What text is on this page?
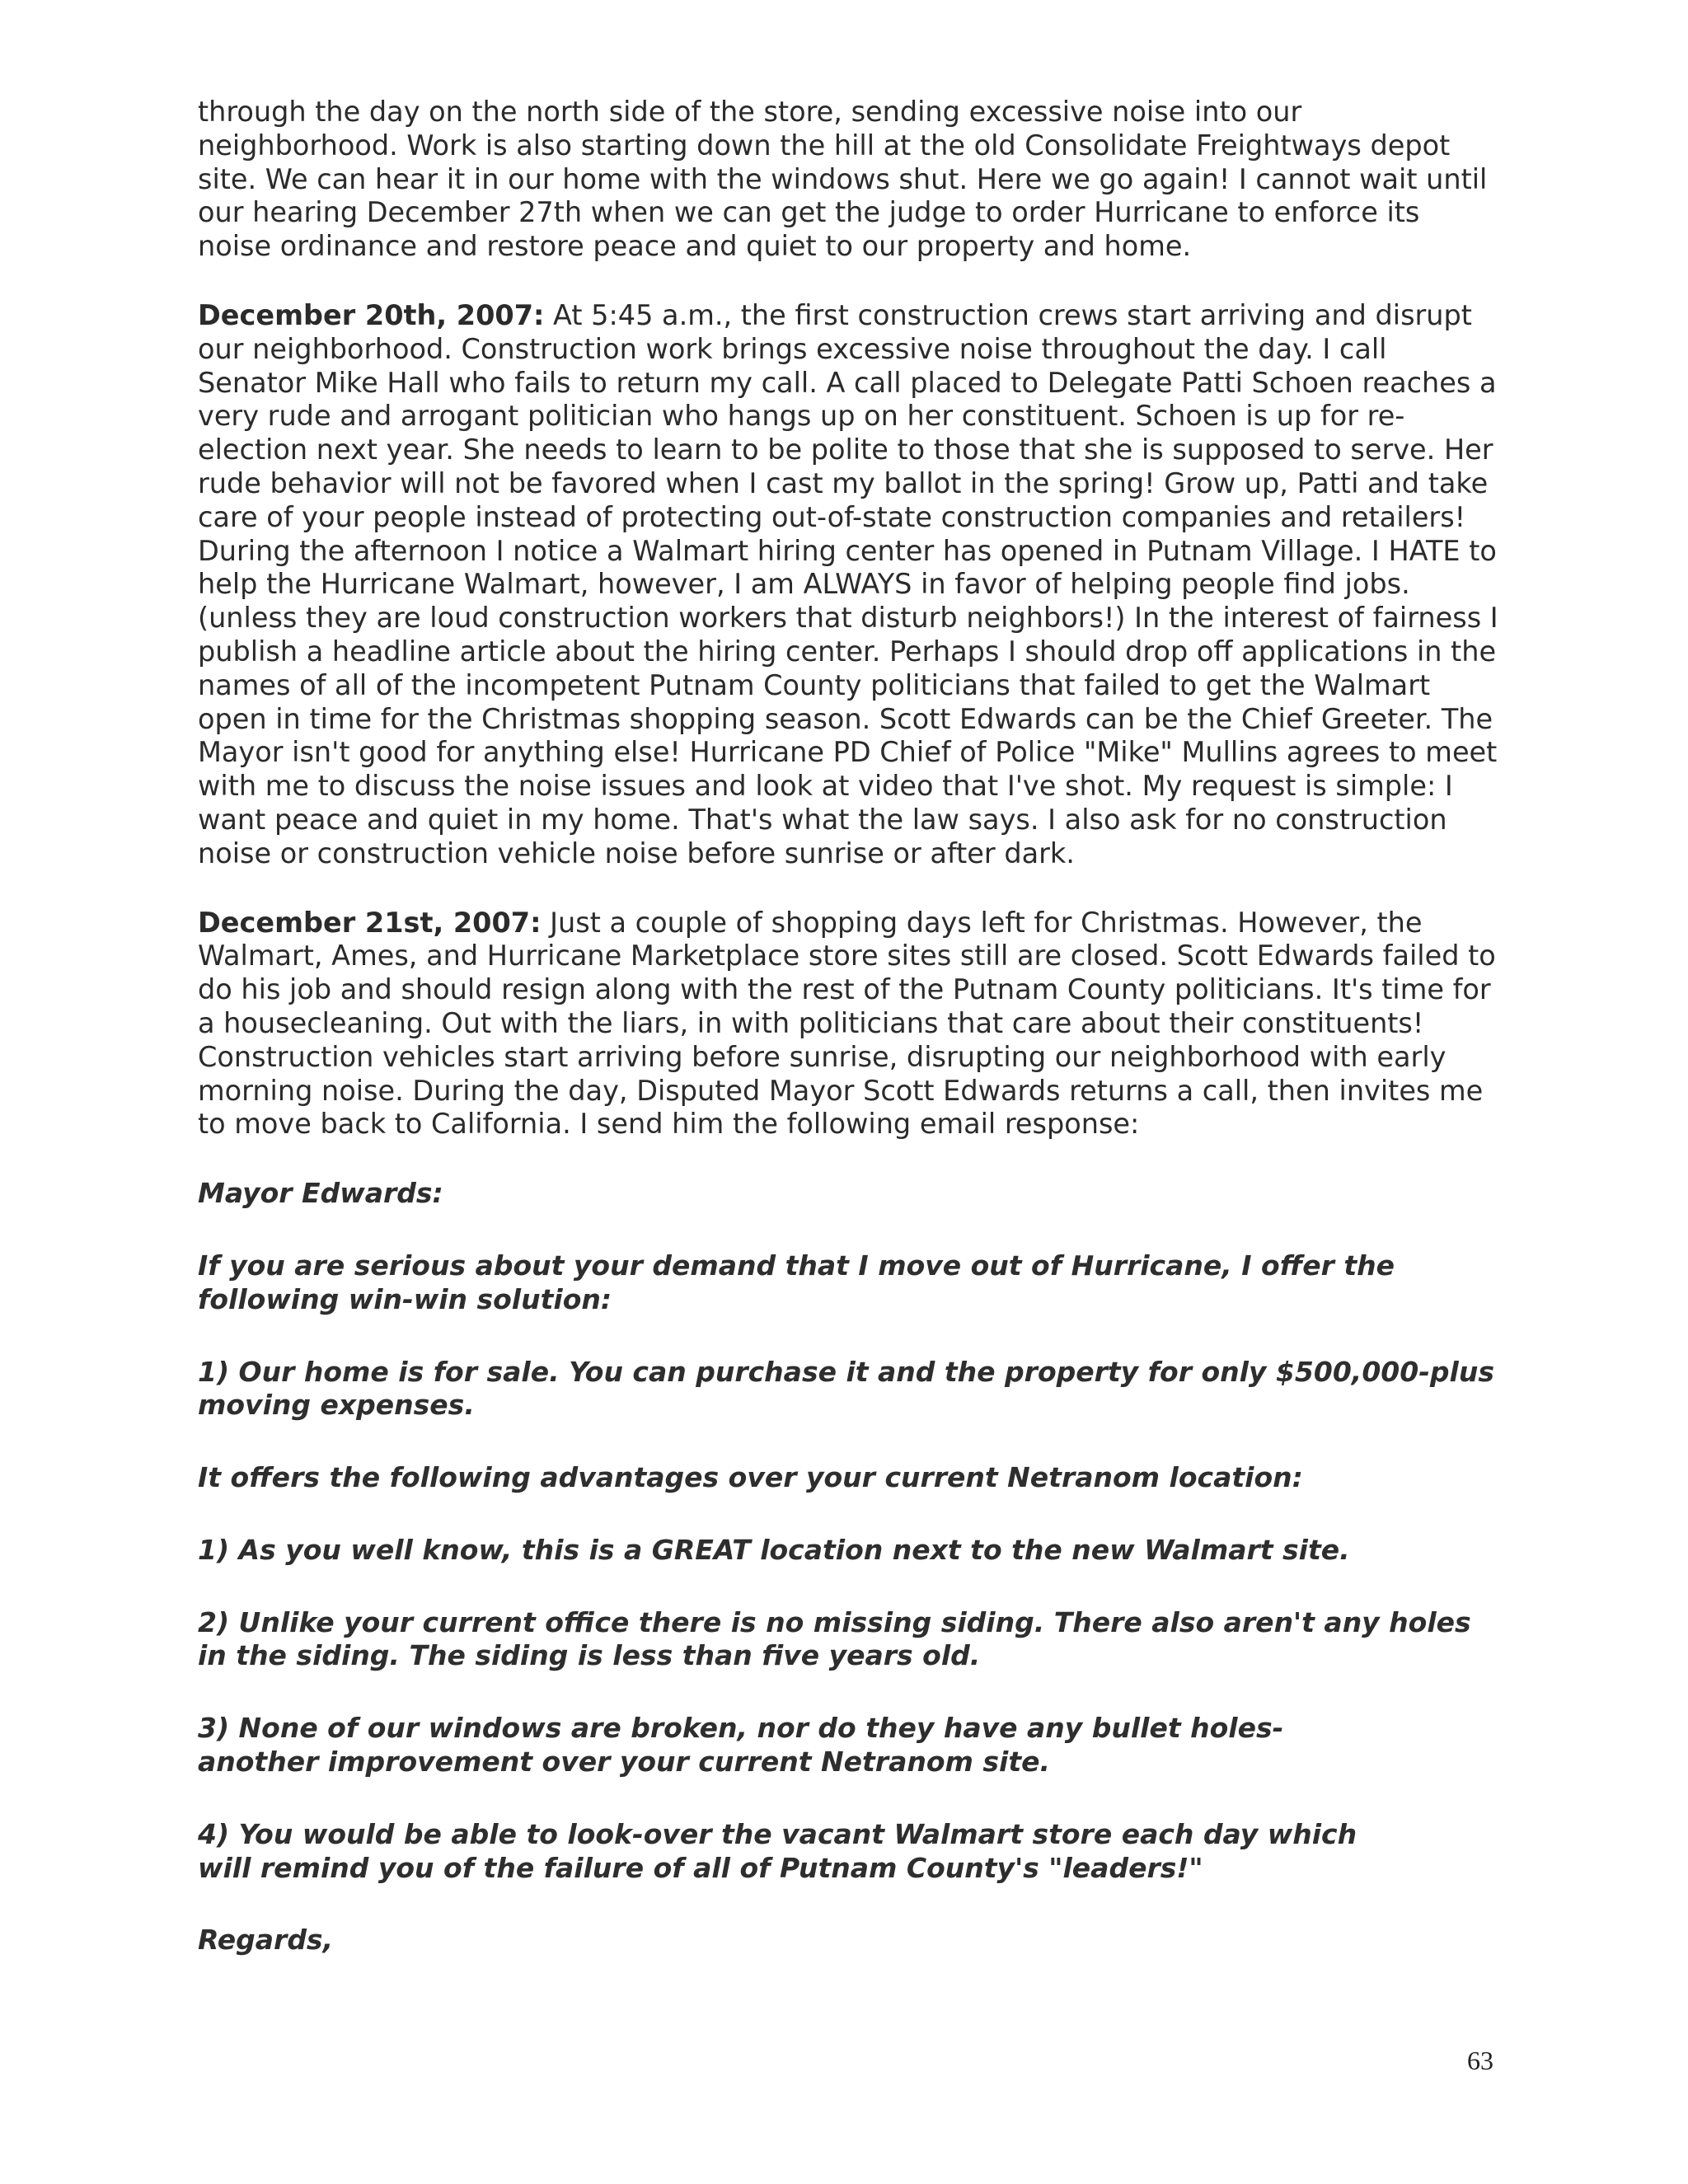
through the day on the north side of the store, sending excessive noise into our neighborhood. Work is also starting down the hill at the old Consolidate Freightways depot site. We can hear it in our home with the windows shut. Here we go again! I cannot wait until our hearing December 27th when we can get the judge to order Hurricane to enforce its noise ordinance and restore peace and quiet to our property and home.

December 20th, 2007: At 5:45 a.m., the first construction crews start arriving and disrupt our neighborhood. Construction work brings excessive noise throughout the day. I call Senator Mike Hall who fails to return my call. A call placed to Delegate Patti Schoen reaches a very rude and arrogant politician who hangs up on her constituent. Schoen is up for re-election next year. She needs to learn to be polite to those that she is supposed to serve. Her rude behavior will not be favored when I cast my ballot in the spring! Grow up, Patti and take care of your people instead of protecting out-of-state construction companies and retailers! During the afternoon I notice a Walmart hiring center has opened in Putnam Village. I HATE to help the Hurricane Walmart, however, I am ALWAYS in favor of helping people find jobs. (unless they are loud construction workers that disturb neighbors!) In the interest of fairness I publish a headline article about the hiring center. Perhaps I should drop off applications in the names of all of the incompetent Putnam County politicians that failed to get the Walmart open in time for the Christmas shopping season. Scott Edwards can be the Chief Greeter. The Mayor isn't good for anything else! Hurricane PD Chief of Police "Mike" Mullins agrees to meet with me to discuss the noise issues and look at video that I've shot. My request is simple: I want peace and quiet in my home. That's what the law says. I also ask for no construction noise or construction vehicle noise before sunrise or after dark.

December 21st, 2007: Just a couple of shopping days left for Christmas. However, the Walmart, Ames, and Hurricane Marketplace store sites still are closed. Scott Edwards failed to do his job and should resign along with the rest of the Putnam County politicians. It's time for a housecleaning. Out with the liars, in with politicians that care about their constituents! Construction vehicles start arriving before sunrise, disrupting our neighborhood with early morning noise. During the day, Disputed Mayor Scott Edwards returns a call, then invites me to move back to California. I send him the following email response:

Mayor Edwards:

If you are serious about your demand that I move out of Hurricane, I offer the following win-win solution:

1) Our home is for sale. You can purchase it and the property for only $500,000-plus moving expenses.

It offers the following advantages over your current Netranom location:

1) As you well know, this is a GREAT location next to the new Walmart site.

2) Unlike your current office there is no missing siding. There also aren't any holes in the siding. The siding is less than five years old.

3) None of our windows are broken, nor do they have any bullet holes-another improvement over your current Netranom site.

4) You would be able to look-over the vacant Walmart store each day which will remind you of the failure of all of Putnam County's "leaders!"

Regards,

63
